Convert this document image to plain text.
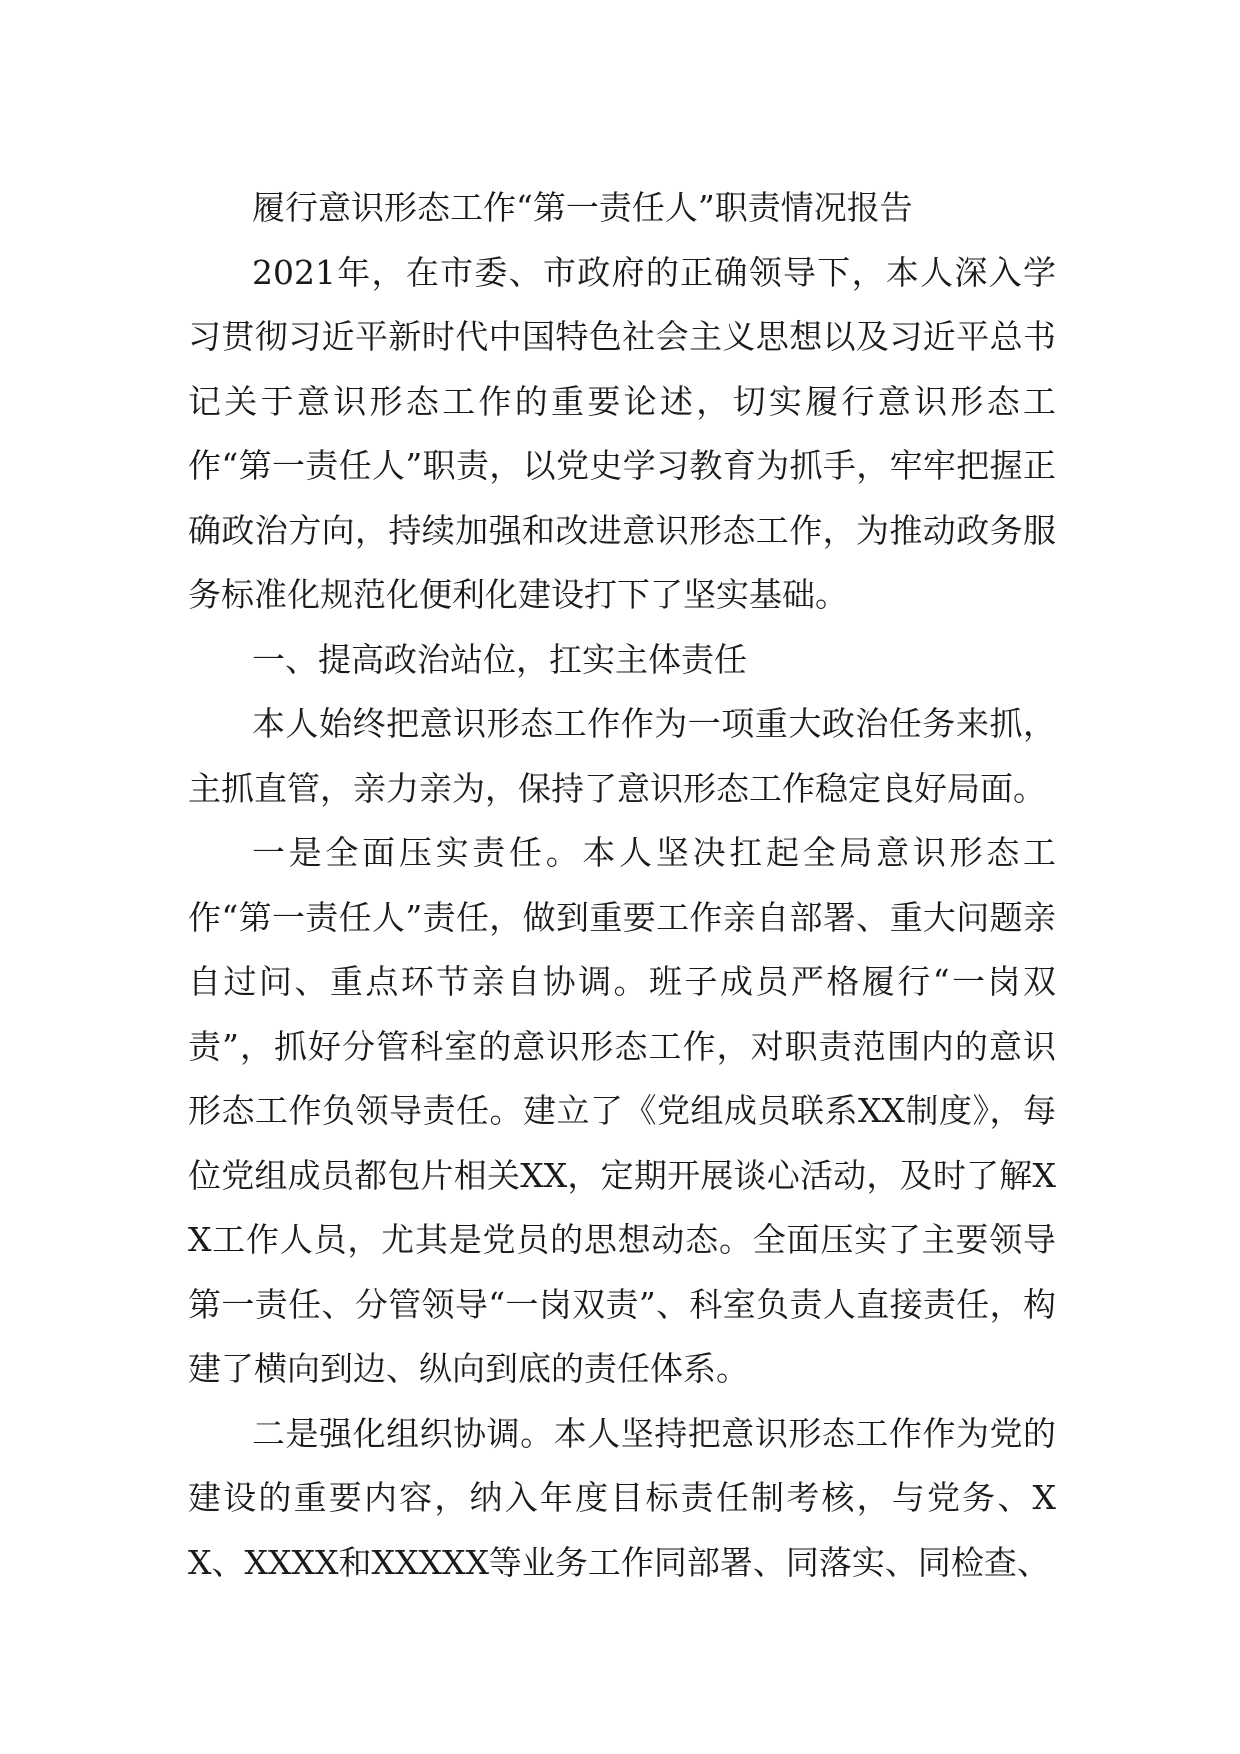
履行意识形态工作“第一责任人”职责情况报告

2021年，在市委、市政府的正确领导下，本人深入学习贯彻习近平新时代中国特色社会主义思想以及习近平总书记关于意识形态工作的重要论述，切实履行意识形态工作“第一责任人”职责，以党史学习教育为抓手，牢牢把握正确政治方向，持续加强和改进意识形态工作，为推动政务服务标准化规范化便利化建设打下了坚实基础。

一、提高政治站位，扛实主体责任

本人始终把意识形态工作作为一项重大政治任务来抓，主抓直管，亲力亲为，保持了意识形态工作稳定良好局面。

一是全面压实责任。本人坚决扛起全局意识形态工作“第一责任人”责任，做到重要工作亲自部署、重大问题亲自过问、重点环节亲自协调。班子成员严格履行“一岗双责”，抓好分管科室的意识形态工作，对职责范围内的意识形态工作负领导责任。建立了《党组成员联系XX制度》，每位党组成员都包片相关XX，定期开展谈心活动，及时了解XX工作人员，尤其是党员的思想动态。全面压实了主要领导第一责任、分管领导“一岗双责”、科室负责人直接责任，构建了横向到边、纵向到底的责任体系。

二是强化组织协调。本人坚持把意识形态工作作为党的建设的重要内容，纳入年度目标责任制考核，与党务、XX、XXXX和XXXXX等业务工作同部署、同落实、同检查、
